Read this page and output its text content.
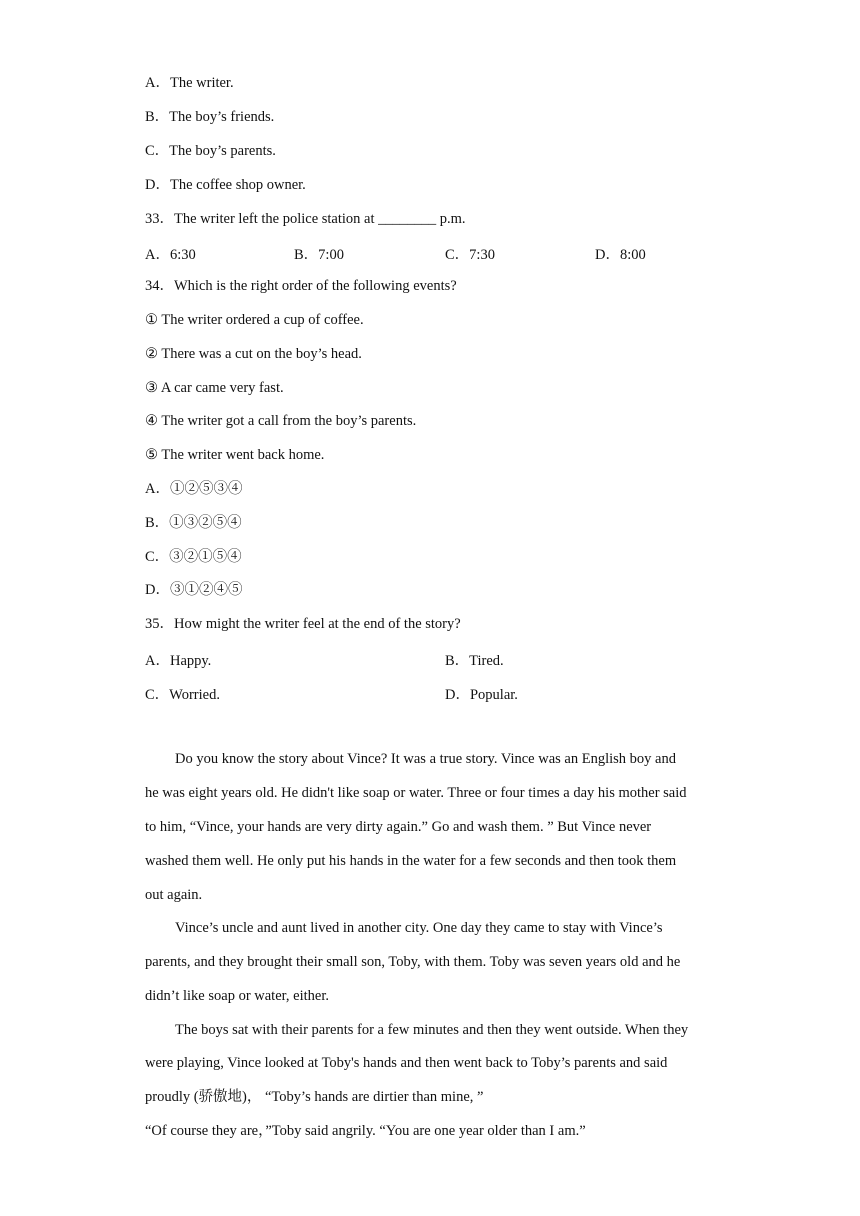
A．The writer.
B．The boy’s friends.
C．The boy’s parents.
D．The coffee shop owner.
33．The writer left the police station at ________ p.m.
A．6:30	B．7:00	C．7:30	D．8:00
34．Which is the right order of the following events?
① The writer ordered a cup of coffee.
② There was a cut on the boy’s head.
③ A car came very fast.
④ The writer got a call from the boy’s parents.
⑤ The writer went back home.
A．①②⑤③④
B．①③②⑤④
C．③②①⑤④
D．③①②④⑤
35．How might the writer feel at the end of the story?
A．Happy.	B．Tired.
C．Worried.	D．Popular.
Do you know the story about Vince? It was a true story. Vince was an English boy and
he was eight years old. He didn't like soap or water. Three or four times a day his mother said
to him, “Vince, your hands are very dirty again.” Go and wash them. ” But Vince never
washed them well. He only put his hands in the water for a few seconds and then took them
out again.
Vince’s uncle and aunt lived in another city. One day they came to stay with Vince’s
parents, and they brought their small son, Toby, with them. Toby was seven years old and he
didn’t like soap or water, either.
The boys sat with their parents for a few minutes and then they went outside. When they
were playing, Vince looked at Toby's hands and then went back to Toby’s parents and said
proudly (骄傲地)， “Toby’s hands are dirtier than mine, ”
“Of course they are，”Toby said angrily. “You are one year older than I am.”
